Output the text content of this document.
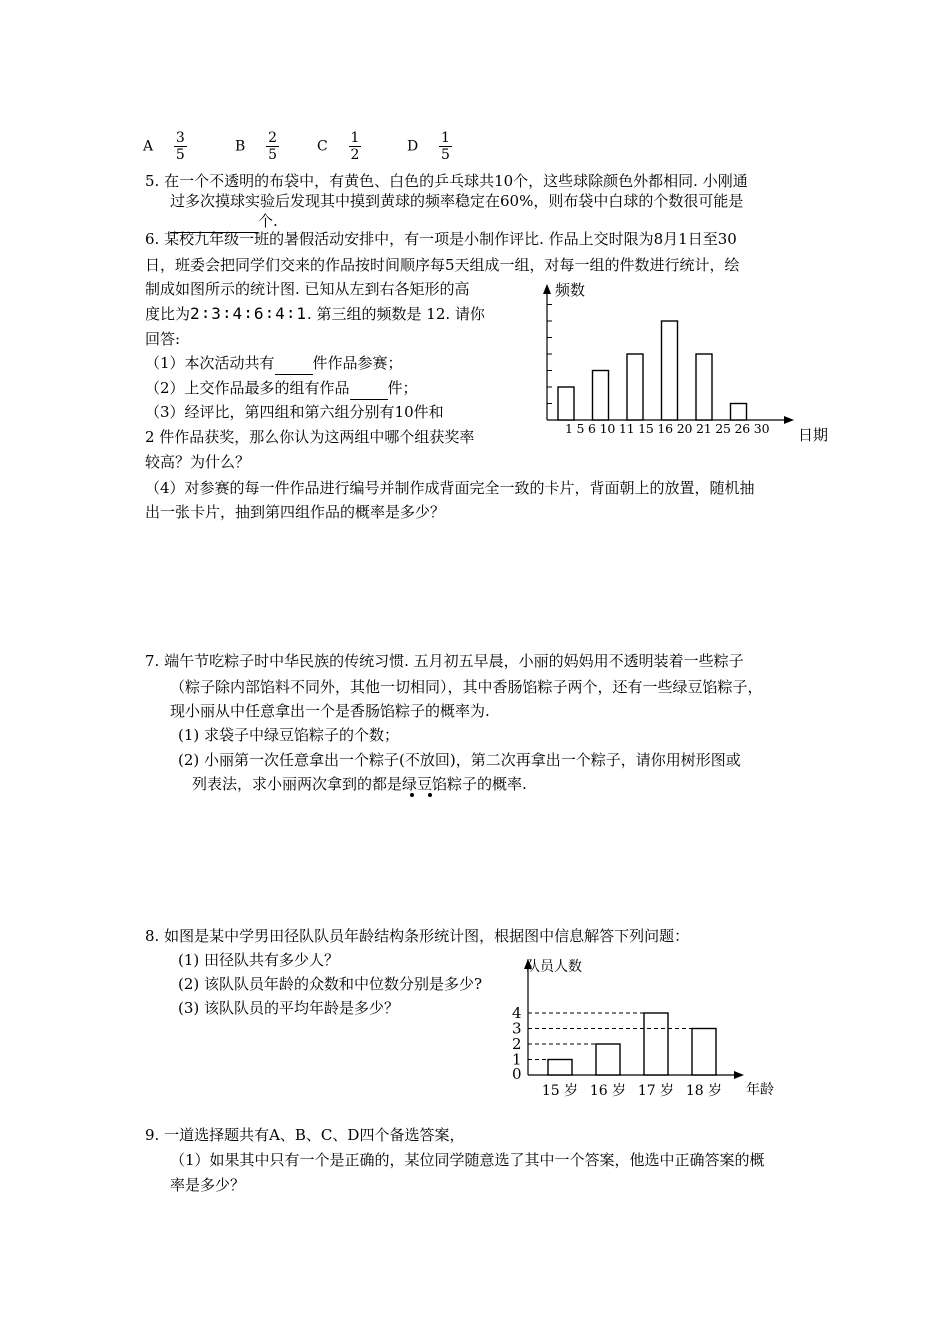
A $\frac{3}{5}$	B $\frac{2}{5}$	C $\frac{1}{2}$	D $\frac{1}{5}$
5. 在一个不透明的布袋中，有黄色、白色的乒乓球共10个，这些球除颜色外都相同. 小刚通
过多次摸球实验后发现其中摸到黄球的频率稳定在60%，则布袋中白球的个数很可能是
个.
6. 某校九年级一班的暑假活动安排中，有一项是小制作评比. 作品上交时限为8月1日至30
日，班委会把同学们交来的作品按时间顺序每5天组成一组，对每一组的件数进行统计，绘
制成如图所示的统计图. 已知从左到右各矩形的高
度比为2∶3∶4∶6∶4∶1. 第三组的频数是 12. 请你
回答:
（1）本次活动共有	件作品参赛；
（2）上交作品最多的组有作品	件；
（3）经评比，第四组和第六组分别有10件和
2 件作品获奖，那么你认为这两组中哪个组获奖率
较高？为什么？
（4）对参赛的每一件作品进行编号并制作成背面完全一致的卡片，背面朝上的放置，随机抽
出一张卡片，抽到第四组作品的概率是多少？
频数
日期
1 5 6 10 11 15 16 20 21 25 26 30
7. 端午节吃粽子时中华民族的传统习惯. 五月初五早晨，小丽的妈妈用不透明装着一些粽子
（粽子除内部馅料不同外，其他一切相同），其中香肠馅粽子两个，还有一些绿豆馅粽子，
现小丽从中任意拿出一个是香肠馅粽子的概率为.
(1) 求袋子中绿豆馅粽子的个数；
(2) 小丽第一次任意拿出一个粽子(不放回)，第二次再拿出一个粽子，请你用树形图或
列表法，求小丽两次拿到的都是绿豆馅粽子的概率.
8. 如图是某中学男田径队队员年龄结构条形统计图，根据图中信息解答下列问题：
(1) 田径队共有多少人？
(2) 该队队员年龄的众数和中位数分别是多少?
(3) 该队队员的平均年龄是多少？
队员人数
年龄
0
1
2
3
4
15 岁 16 岁 17 岁 18 岁
9. 一道选择题共有A、B、C、D四个备选答案，
（1）如果其中只有一个是正确的，某位同学随意选了其中一个答案，他选中正确答案的概
率是多少？
